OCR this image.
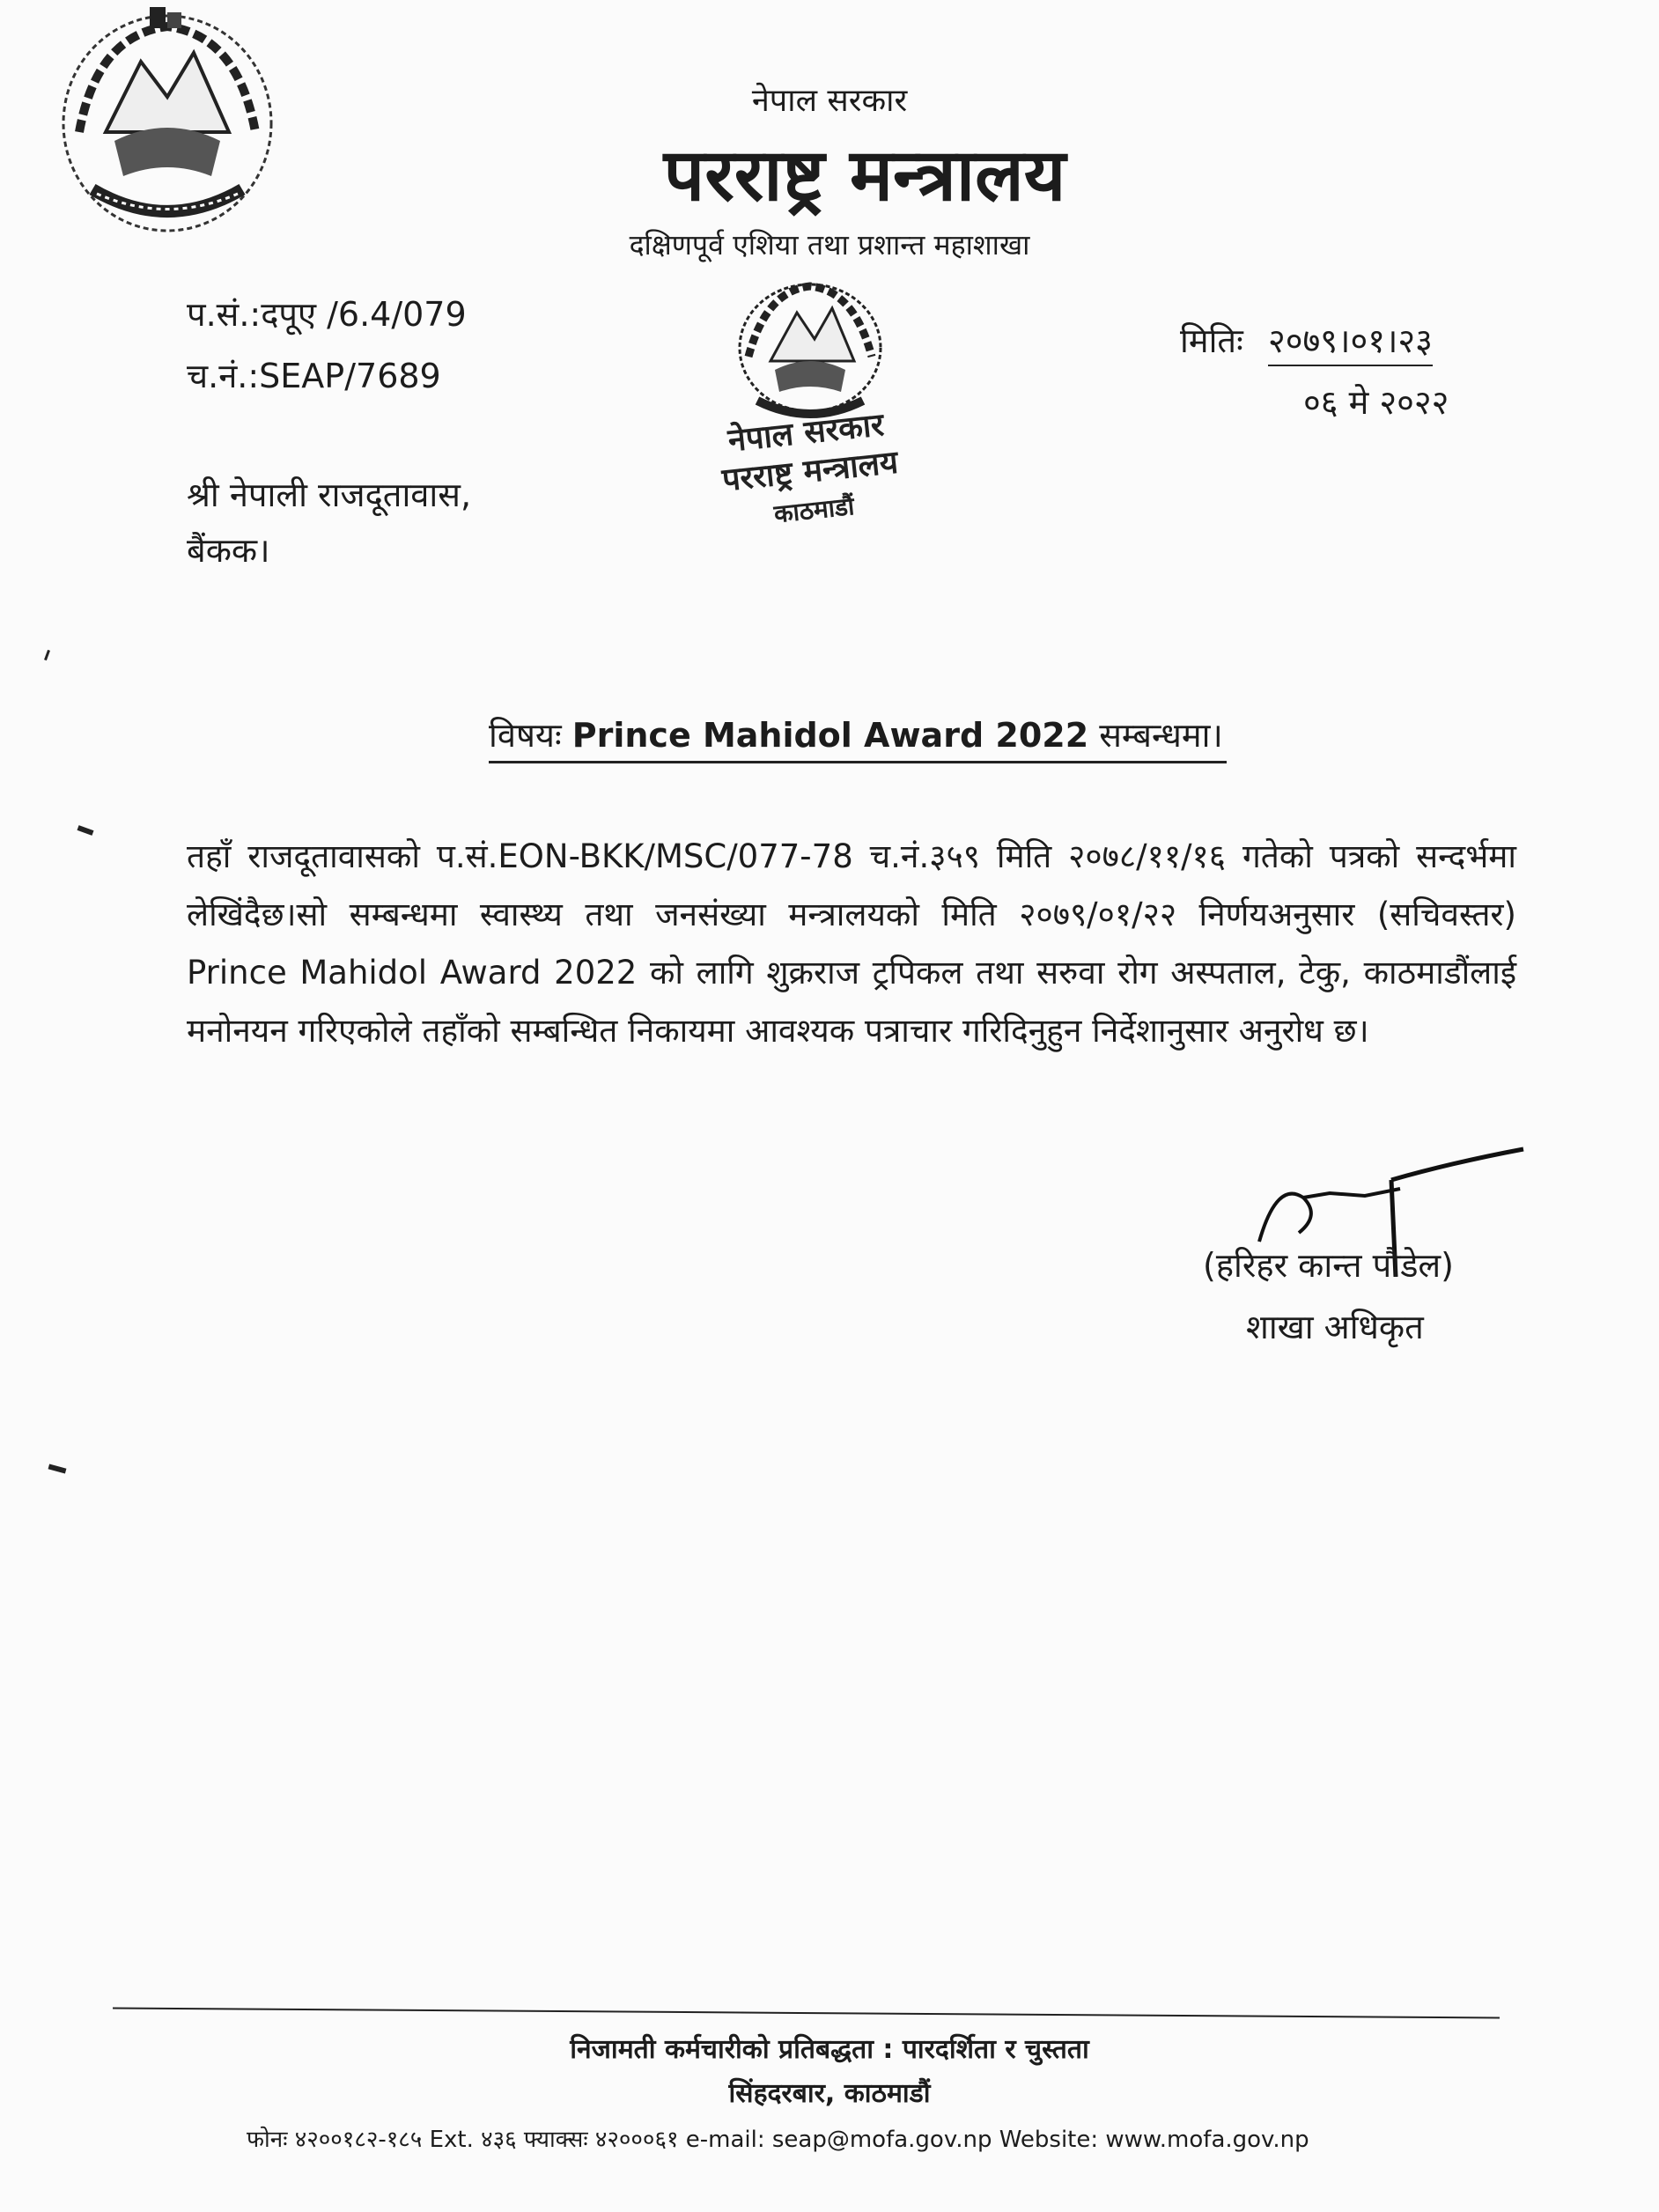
नेपाल सरकार
परराष्ट्र मन्त्रालय
दक्षिणपूर्व एशिया तथा प्रशान्त महाशाखा
प.सं.:दपूए /6.4/079
च.नं.:SEAP/7689
नेपाल सरकार
परराष्ट्र मन्त्रालय
काठमाडौं
मितिः २०७९।०१।२३
०६ मे २०२२
श्री नेपाली राजदूतावास,
बैंकक।
विषयः Prince Mahidol Award 2022 सम्बन्धमा।
तहाँ राजदूतावासको प.सं.EON-BKK/MSC/077-78 च.नं.३५९ मिति २०७८/११/१६ गतेको पत्रको सन्दर्भमा लेखिंदैछ।सो सम्बन्धमा स्वास्थ्य तथा जनसंख्या मन्त्रालयको मिति २०७९/०१/२२ निर्णयअनुसार (सचिवस्तर) Prince Mahidol Award 2022 को लागि शुक्रराज ट्रपिकल तथा सरुवा रोग अस्पताल, टेकु, काठमाडौंलाई मनोनयन गरिएकोले तहाँको सम्बन्धित निकायमा आवश्यक पत्राचार गरिदिनुहुन निर्देशानुसार अनुरोध छ।
(हरिहर कान्त पौडेल)
शाखा अधिकृत
निजामती कर्मचारीको प्रतिबद्धता : पारदर्शिता र चुस्तता
सिंहदरबार, काठमाडौं
फोनः ४२००१८२-१८५ Ext. ४३६ फ्याक्सः ४२०००६१ e-mail: seap@mofa.gov.np Website: www.mofa.gov.np
